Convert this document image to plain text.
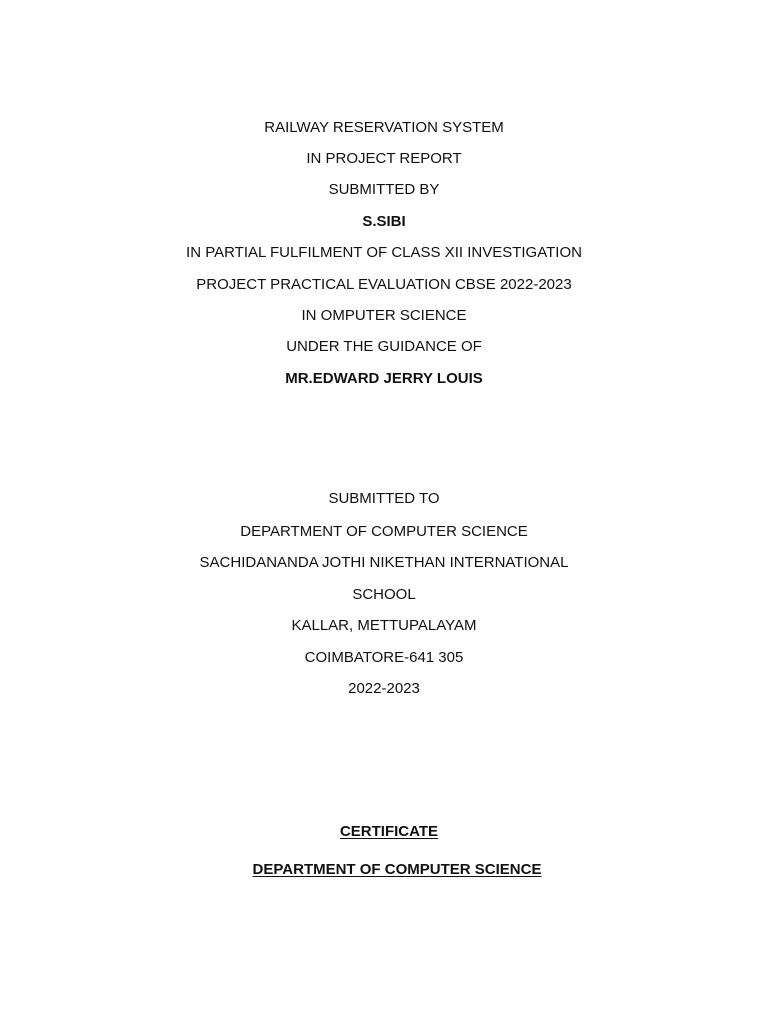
RAILWAY RESERVATION SYSTEM
IN PROJECT REPORT
SUBMITTED BY
S.SIBI
IN PARTIAL FULFILMENT OF CLASS XII INVESTIGATION
PROJECT PRACTICAL EVALUATION CBSE 2022-2023
IN OMPUTER SCIENCE
UNDER THE GUIDANCE OF
MR.EDWARD JERRY LOUIS
SUBMITTED TO
DEPARTMENT OF COMPUTER SCIENCE
SACHIDANANDA JOTHI NIKETHAN INTERNATIONAL
SCHOOL
KALLAR, METTUPALAYAM
COIMBATORE-641 305
2022-2023
CERTIFICATE
DEPARTMENT OF COMPUTER SCIENCE
